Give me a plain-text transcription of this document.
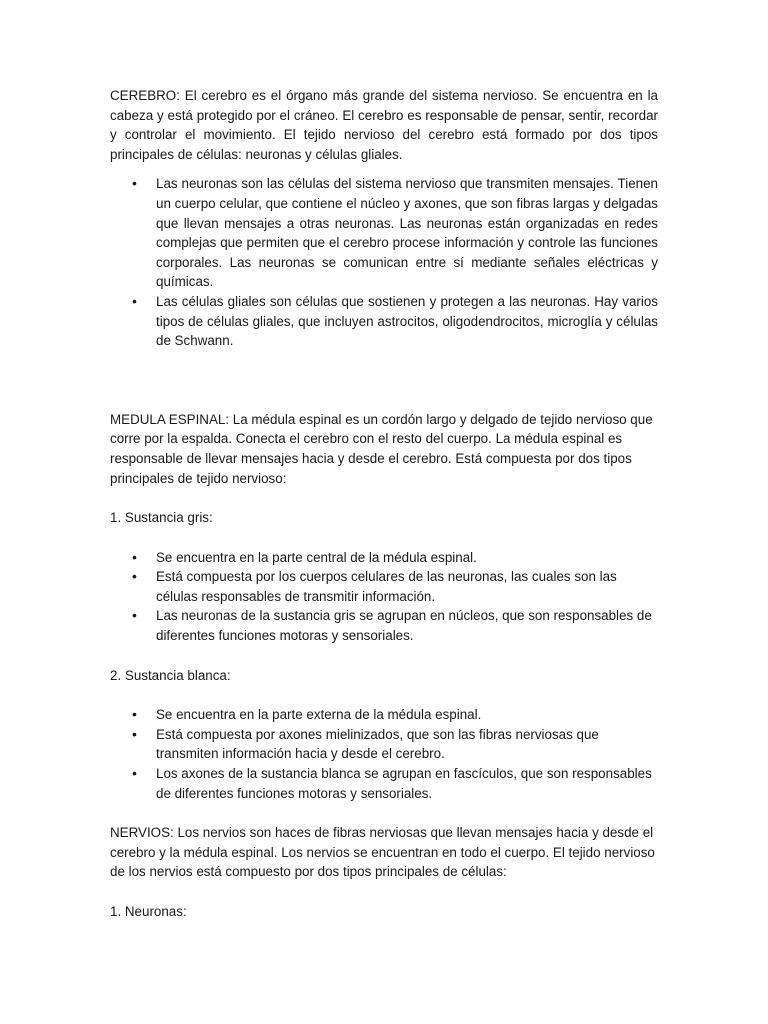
CEREBRO: El cerebro es el órgano más grande del sistema nervioso. Se encuentra en la cabeza y está protegido por el cráneo. El cerebro es responsable de pensar, sentir, recordar y controlar el movimiento. El tejido nervioso del cerebro está formado por dos tipos principales de células: neuronas y células gliales.

• Las neuronas son las células del sistema nervioso que transmiten mensajes. Tienen un cuerpo celular, que contiene el núcleo y axones, que son fibras largas y delgadas que llevan mensajes a otras neuronas. Las neuronas están organizadas en redes complejas que permiten que el cerebro procese información y controle las funciones corporales. Las neuronas se comunican entre sí mediante señales eléctricas y químicas.
• Las células gliales son células que sostienen y protegen a las neuronas. Hay varios tipos de células gliales, que incluyen astrocitos, oligodendrocitos, microglía y células de Schwann.

MEDULA ESPINAL: La médula espinal es un cordón largo y delgado de tejido nervioso que corre por la espalda. Conecta el cerebro con el resto del cuerpo. La médula espinal es responsable de llevar mensajes hacia y desde el cerebro. Está compuesta por dos tipos principales de tejido nervioso:

1. Sustancia gris:

• Se encuentra en la parte central de la médula espinal.
• Está compuesta por los cuerpos celulares de las neuronas, las cuales son las células responsables de transmitir información.
• Las neuronas de la sustancia gris se agrupan en núcleos, que son responsables de diferentes funciones motoras y sensoriales.

2. Sustancia blanca:

• Se encuentra en la parte externa de la médula espinal.
• Está compuesta por axones mielinizados, que son las fibras nerviosas que transmiten información hacia y desde el cerebro.
• Los axones de la sustancia blanca se agrupan en fascículos, que son responsables de diferentes funciones motoras y sensoriales.

NERVIOS: Los nervios son haces de fibras nerviosas que llevan mensajes hacia y desde el cerebro y la médula espinal. Los nervios se encuentran en todo el cuerpo. El tejido nervioso de los nervios está compuesto por dos tipos principales de células:

1. Neuronas:
